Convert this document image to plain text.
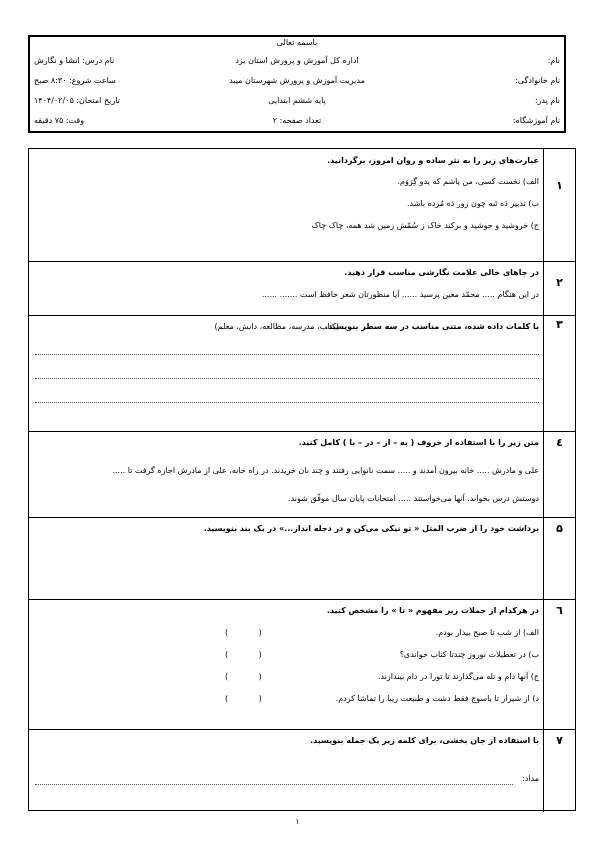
باسمه تعالی
نام:
اداره کل آموزش و پرورش استان یزد
نام درس: انشا و نگارش
نام خانوادگی:
مدیریت آموزش و پرورش شهرستان میبد
ساعت شروع: ۸:۳۰ صبح
نام پدر:
پایه ششم ابتدایی
تاریخ امتحان: ۱۴۰۴/۰۲/۰۵
نام آموزشگاه:
تعداد صفحه: ۲
وقت: ۷۵ دقیقه
۱
عبارت‌های زیر را به نثر ساده و روان امروز، برگردانید.
الف) نخست کسی، من یاشم که یدو گِرَوَم.
ب) تدبیر دَه تَنه چون زور دَه مُرده باشد.
ج) خروشید و جوشید و برکند خاک ز سُمّش زمین شد همه، چاک چاک
۲
در جاهای خالی علامت نگارشی مناسب قرار دهید.
در این هنگام ..... محمّد معین پرسید ...... آیا منظورتان شعر حافظ است ....... ......
۳
با کلمات داده شده، متنی مناسب در سه سطر بنویسید.
(کتاب، مدرسه، مطالعه، دانش، معلم)
٤
متن زیر را با استفاده از حروف ( به – از – در – با ) کامل کنید.
علی و مادرش ..... خانه بیرون آمدند و ..... سمت نانوایی رفتند و چند نان خریدند. در راه خانه، علی از مادرش اجازه گرفت تا .....
دوستش درس بخواند. آنها می‌خواستند ..... امتحانات پایان سال موفّق شوند.
۵
برداشت خود را از ضرب المثل « تو نیکی می‌کن و در دجله انداز...» در یک بند بنویسید.
٦
در هرکدام از جملات زیر مفهوم « تا » را مشخص کنید.
الف) از شب تا صبح بیدار بودم.
ب) در تعطیلات نوروز چندتا کتاب خواندی؟
ج) آنها دام و تله می‌گذارند تا تورا در دام بیندازند.
د) از شیراز تا یاسوج فقط دشت و طبیعت زیبا را تماشا کردم.
(            )
(            )
(            )
(            )
۷
با استفاده از جان بخشی، برای کلمه زیر یک جمله بنویسید.
مداد:
۱
